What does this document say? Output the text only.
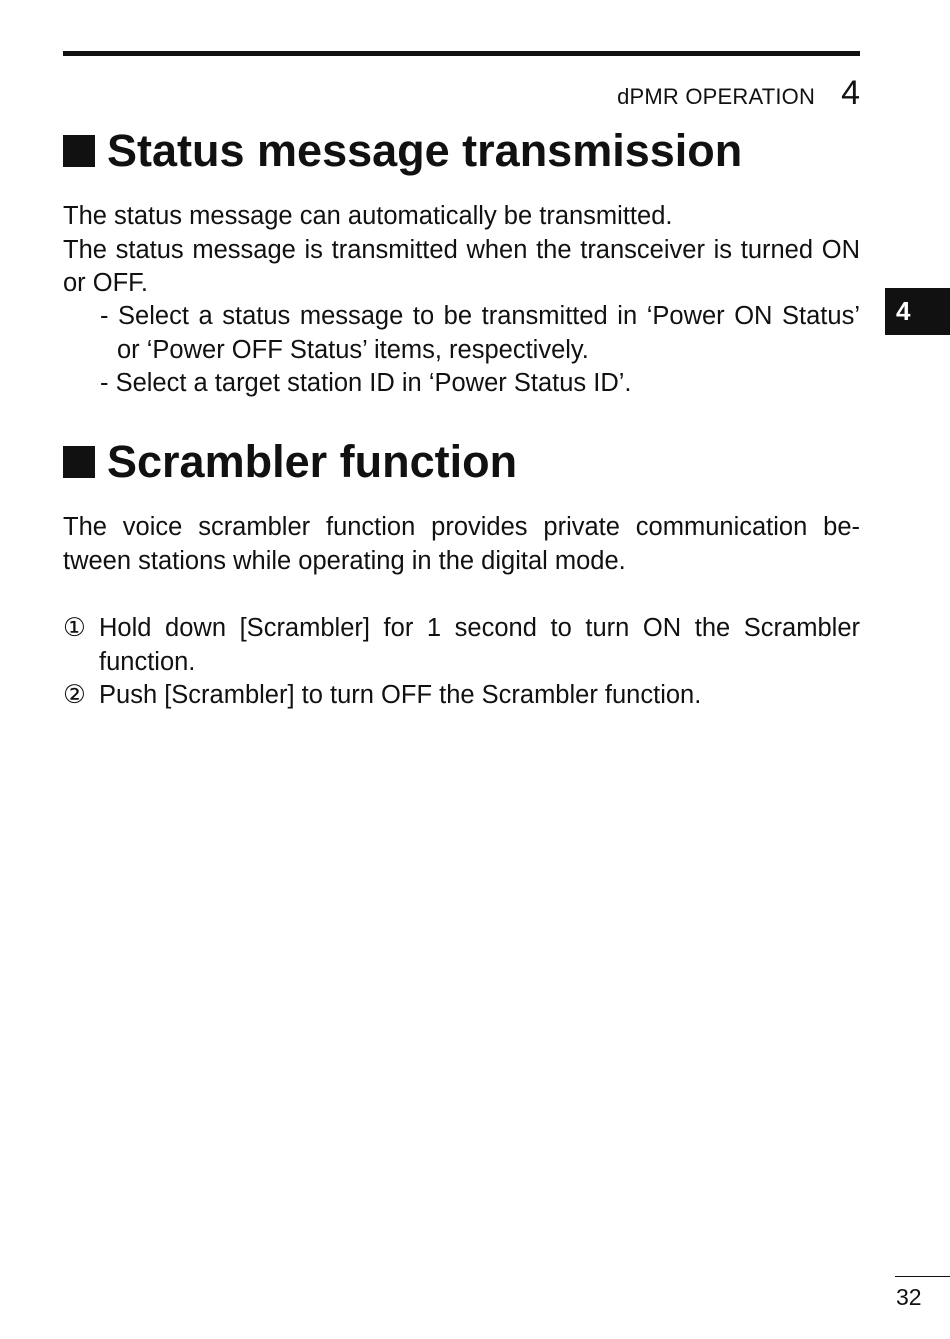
dPMR OPERATION 4
4
Status message transmission
The status message can automatically be transmitted.
The status message is transmitted when the transceiver is turned ON or OFF.
- Select a status message to be transmitted in ‘Power ON Status’ or ‘Power OFF Status’ items, respectively.
- Select a target station ID in ‘Power Status ID’.
Scrambler function
The voice scrambler function provides private communication be-tween stations while operating in the digital mode.
① Hold down [Scrambler] for 1 second to turn ON the Scrambler function.
② Push [Scrambler] to turn OFF the Scrambler function.
32
